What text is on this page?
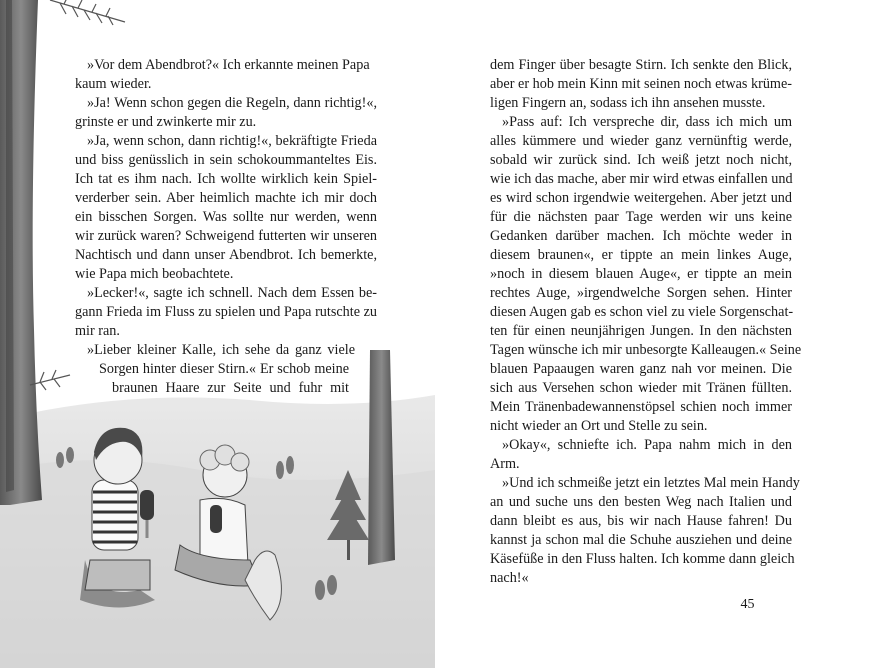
»Vor dem Abendbrot?« Ich erkannte meinen Papa
kaum wieder.
»Ja! Wenn schon gegen die Regeln, dann richtig!«,
grinste er und zwinkerte mir zu.
»Ja, wenn schon, dann richtig!«, bekräftigte Frieda
und biss genüsslich in sein schokoummanteltes Eis.
Ich tat es ihm nach. Ich wollte wirklich kein Spiel-
verderber sein. Aber heimlich machte ich mir doch
ein bisschen Sorgen. Was sollte nur werden, wenn
wir zurück waren? Schweigend futterten wir unseren
Nachtisch und dann unser Abendbrot. Ich bemerkte,
wie Papa mich beobachtete.
»Lecker!«, sagte ich schnell. Nach dem Essen be-
gann Frieda im Fluss zu spielen und Papa rutschte zu
mir ran.
»Lieber kleiner Kalle, ich sehe da ganz viele
Sorgen hinter dieser Stirn.« Er schob meine
braunen Haare zur Seite und fuhr mit
dem Finger über besagte Stirn. Ich senkte den Blick,
aber er hob mein Kinn mit seinen noch etwas krüme-
ligen Fingern an, sodass ich ihn ansehen musste.
»Pass auf: Ich verspreche dir, dass ich mich um
alles kümmere und wieder ganz vernünftig werde,
sobald wir zurück sind. Ich weiß jetzt noch nicht,
wie ich das mache, aber mir wird etwas einfallen und
es wird schon irgendwie weitergehen. Aber jetzt und
für die nächsten paar Tage werden wir uns keine
Gedanken darüber machen. Ich möchte weder in
diesem braunen«, er tippte an mein linkes Auge,
»noch in diesem blauen Auge«, er tippte an mein
rechtes Auge, »irgendwelche Sorgen sehen. Hinter
diesen Augen gab es schon viel zu viele Sorgenschat-
ten für einen neunjährigen Jungen. In den nächsten
Tagen wünsche ich mir unbesorgte Kalleaugen.« Seine
blauen Papaaugen waren ganz nah vor meinen. Die
sich aus Versehen schon wieder mit Tränen füllten.
Mein Tränenbadewannenstöpsel schien noch immer
nicht wieder an Ort und Stelle zu sein.
»Okay«, schniefte ich. Papa nahm mich in den
Arm.
»Und ich schmeiße jetzt ein letztes Mal mein Handy
an und suche uns den besten Weg nach Italien und
dann bleibt es aus, bis wir nach Hause fahren! Du
kannst ja schon mal die Schuhe ausziehen und deine
Käsefüße in den Fluss halten. Ich komme dann gleich
nach!«
45
